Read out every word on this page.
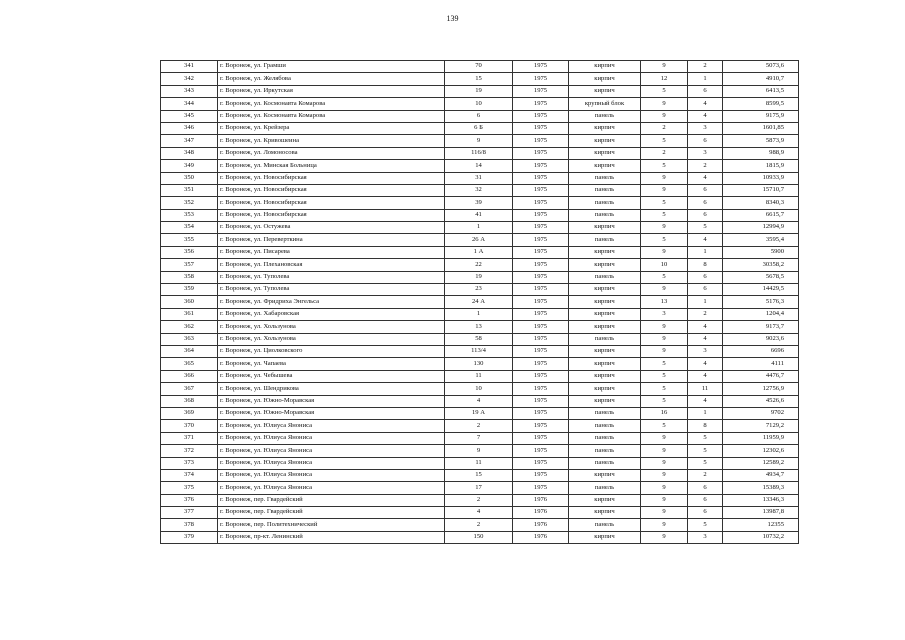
139
341	г. Воронеж, ул. Грамши	70	1975	кирпич	9	2	5073,6
342	г. Воронеж, ул. Желябова	15	1975	кирпич	12	1	4910,7
343	г. Воронеж, ул. Иркутская	19	1975	кирпич	5	6	6413,5
344	г. Воронеж, ул. Космонавта Комарова	10	1975	крупный блок	9	4	8599,5
345	г. Воронеж, ул. Космонавта Комарова	6	1975	панель	9	4	9175,9
346	г. Воронеж, ул. Крейзера	6 Б	1975	кирпич	2	3	1601,85
347	г. Воронеж, ул. Кривошеина	9	1975	кирпич	5	6	5873,9
348	г. Воронеж, ул. Ломоносова	116/8	1975	кирпич	2	3	988,9
349	г. Воронеж, ул. Минская Больница	14	1975	кирпич	5	2	1815,9
350	г. Воронеж, ул. Новосибирская	31	1975	панель	9	4	10933,9
351	г. Воронеж, ул. Новосибирская	32	1975	панель	9	6	15710,7
352	г. Воронеж, ул. Новосибирская	39	1975	панель	5	6	8340,3
353	г. Воронеж, ул. Новосибирская	41	1975	панель	5	6	6615,7
354	г. Воронеж, ул. Остужева	1	1975	кирпич	9	5	12994,9
355	г. Воронеж, ул. Переверткина	26 А	1975	панель	5	4	3595,4
356	г. Воронеж, ул. Писарева	1 А	1975	кирпич	9	1	5900
357	г. Воронеж, ул. Плехановская	22	1975	кирпич	10	8	30358,2
358	г. Воронеж, ул. Туполева	19	1975	панель	5	6	5678,5
359	г. Воронеж, ул. Туполева	23	1975	кирпич	9	6	14429,5
360	г. Воронеж, ул. Фридриха Энгельса	24 А	1975	кирпич	13	1	5176,3
361	г. Воронеж, ул. Хабаровская	1	1975	кирпич	3	2	1204,4
362	г. Воронеж, ул. Хользунова	13	1975	кирпич	9	4	9173,7
363	г. Воронеж, ул. Хользунова	58	1975	панель	9	4	9023,6
364	г. Воронеж, ул. Циолковского	113/4	1975	кирпич	9	3	6696
365	г. Воронеж, ул. Чапаева	130	1975	кирпич	5	4	4111
366	г. Воронеж, ул. Чебышева	11	1975	кирпич	5	4	4476,7
367	г. Воронеж, ул. Шендрикова	10	1975	кирпич	5	11	12756,9
368	г. Воронеж, ул. Южно-Моравская	4	1975	кирпич	5	4	4526,6
369	г. Воронеж, ул. Южно-Моравская	19 А	1975	панель	16	1	9702
370	г. Воронеж, ул. Юлиуса Янониса	2	1975	панель	5	8	7129,2
371	г. Воронеж, ул. Юлиуса Янониса	7	1975	панель	9	5	11959,9
372	г. Воронеж, ул. Юлиуса Янониса	9	1975	панель	9	5	12302,6
373	г. Воронеж, ул. Юлиуса Янониса	11	1975	панель	9	5	12589,2
374	г. Воронеж, ул. Юлиуса Янониса	15	1975	кирпич	9	2	4934,7
375	г. Воронеж, ул. Юлиуса Янониса	17	1975	панель	9	6	15389,3
376	г. Воронеж, пер. Гвардейский	2	1976	кирпич	9	6	13346,3
377	г. Воронеж, пер. Гвардейский	4	1976	кирпич	9	6	13987,8
378	г. Воронеж, пер. Политехнический	2	1976	панель	9	5	12355
379	г. Воронеж, пр-кт. Ленинский	150	1976	кирпич	9	3	10732,2
